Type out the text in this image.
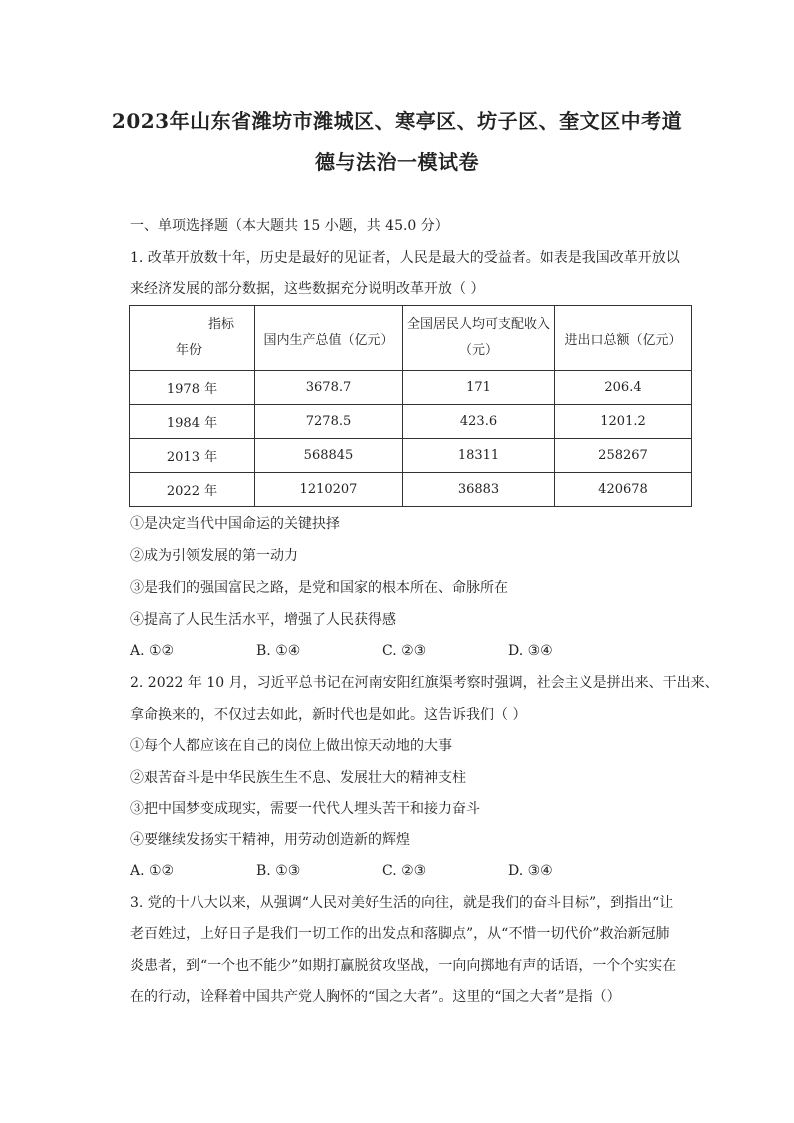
2023年山东省潍坊市潍城区、寒亭区、坊子区、奎文区中考道
德与法治一模试卷
一、单项选择题（本大题共 15 小题，共 45.0 分）
1. 改革开放数十年，历史是最好的见证者，人民是最大的受益者。如表是我国改革开放以
来经济发展的部分数据，这些数据充分说明改革开放（ ）
指标
年份	国内生产总值（亿元）	全国居民人均可支配收入（元）	进出口总额（亿元）
1978 年	3678.7	171	206.4
1984 年	7278.5	423.6	1201.2
2013 年	568845	18311	258267
2022 年	1210207	36883	420678
①是决定当代中国命运的关键抉择
②成为引领发展的第一动力
③是我们的强国富民之路，是党和国家的根本所在、命脉所在
④提高了人民生活水平，增强了人民获得感
A. ①②	B. ①④	C. ②③	D. ③④
2. 2022 年 10 月，习近平总书记在河南安阳红旗渠考察时强调，社会主义是拼出来、干出来、
拿命换来的，不仅过去如此，新时代也是如此。这告诉我们（ ）
①每个人都应该在自己的岗位上做出惊天动地的大事
②艰苦奋斗是中华民族生生不息、发展壮大的精神支柱
③把中国梦变成现实，需要一代代人埋头苦干和接力奋斗
④要继续发扬实干精神，用劳动创造新的辉煌
A. ①②	B. ①③	C. ②③	D. ③④
3. 党的十八大以来，从强调“人民对美好生活的向往，就是我们的奋斗目标”，到指出“让
老百姓过，上好日子是我们一切工作的出发点和落脚点”，从“不惜一切代价”救治新冠肺
炎患者，到“一个也不能少”如期打赢脱贫攻坚战，一向向掷地有声的话语，一个个实实在
在的行动，诠释着中国共产党人胸怀的“国之大者”。这里的“国之大者”是指（）
